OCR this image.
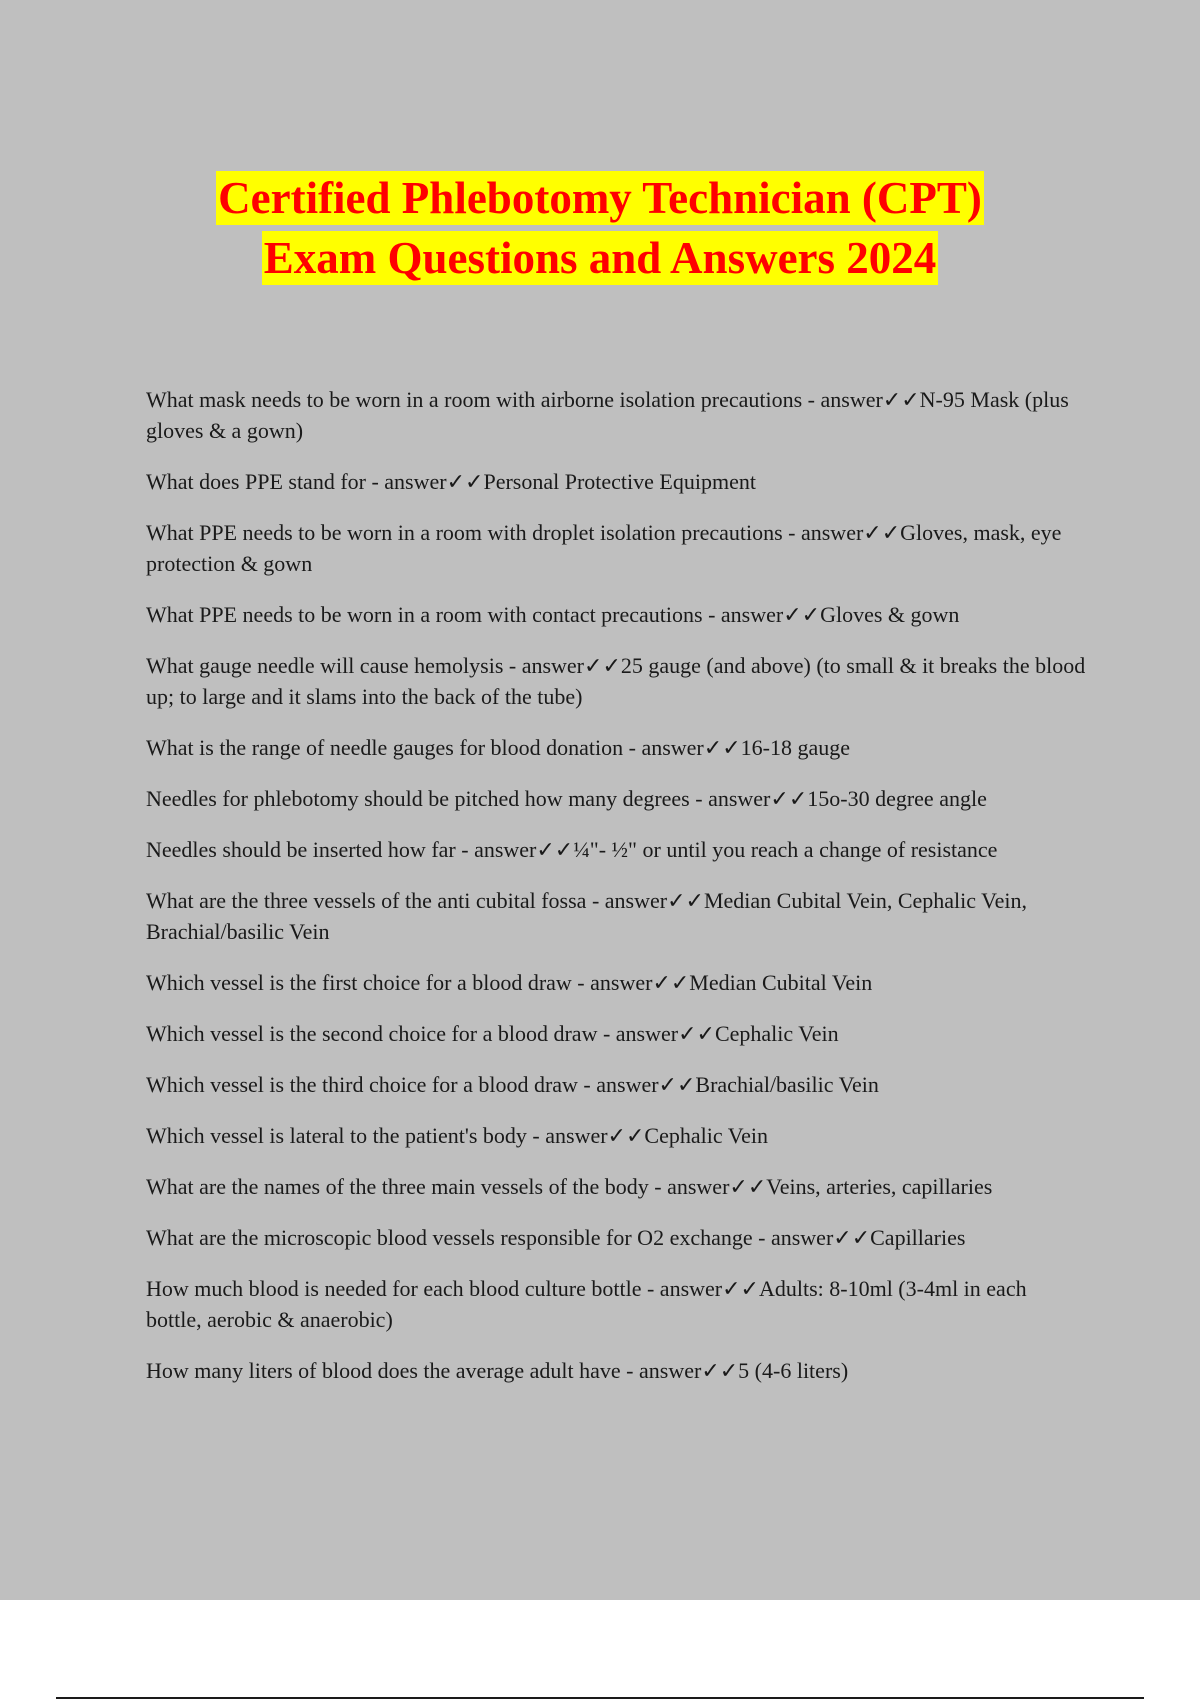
Certified Phlebotomy Technician (CPT)
Exam Questions and Answers 2024
What mask needs to be worn in a room with airborne isolation precautions - answer✓✓N-95 Mask (plus gloves & a gown)
What does PPE stand for - answer✓✓Personal Protective Equipment
What PPE needs to be worn in a room with droplet isolation precautions - answer✓✓Gloves, mask, eye protection & gown
What PPE needs to be worn in a room with contact precautions - answer✓✓Gloves & gown
What gauge needle will cause hemolysis - answer✓✓25 gauge (and above) (to small & it breaks the blood up; to large and it slams into the back of the tube)
What is the range of needle gauges for blood donation - answer✓✓16-18 gauge
Needles for phlebotomy should be pitched how many degrees - answer✓✓15o-30 degree angle
Needles should be inserted how far - answer✓✓¼"- ½" or until you reach a change of resistance
What are the three vessels of the anti cubital fossa - answer✓✓Median Cubital Vein, Cephalic Vein, Brachial/basilic Vein
Which vessel is the first choice for a blood draw - answer✓✓Median Cubital Vein
Which vessel is the second choice for a blood draw - answer✓✓Cephalic Vein
Which vessel is the third choice for a blood draw - answer✓✓Brachial/basilic Vein
Which vessel is lateral to the patient's body - answer✓✓Cephalic Vein
What are the names of the three main vessels of the body - answer✓✓Veins, arteries, capillaries
What are the microscopic blood vessels responsible for O2 exchange - answer✓✓Capillaries
How much blood is needed for each blood culture bottle - answer✓✓Adults: 8-10ml (3-4ml in each bottle, aerobic & anaerobic)
How many liters of blood does the average adult have - answer✓✓5 (4-6 liters)
